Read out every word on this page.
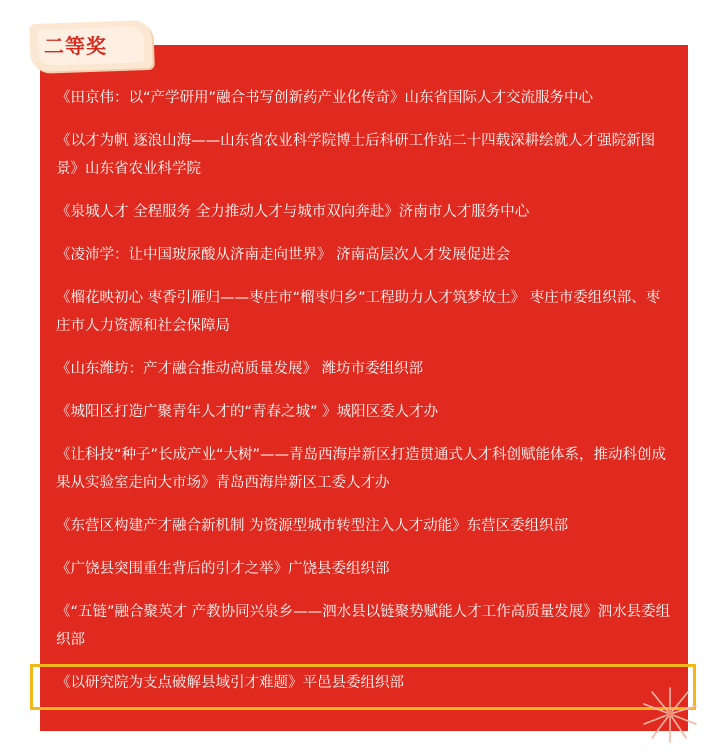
二等奖
《田京伟：以“产学研用”融合书写创新药产业化传奇》山东省国际人才交流服务中心
《以才为帆 逐浪山海——山东省农业科学院博士后科研工作站二十四载深耕绘就人才强院新图景》山东省农业科学院
《泉城人才 全程服务 全力推动人才与城市双向奔赴》济南市人才服务中心
《凌沛学：让中国玻尿酸从济南走向世界》 济南高层次人才发展促进会
《榴花映初心 枣香引雁归——枣庄市“榴枣归乡”工程助力人才筑梦故土》 枣庄市委组织部、枣庄市人力资源和社会保障局
《山东潍坊：产才融合推动高质量发展》 潍坊市委组织部
《城阳区打造广聚青年人才的“青春之城” 》城阳区委人才办
《让科技“种子”长成产业“大树”——青岛西海岸新区打造贯通式人才科创赋能体系，推动科创成果从实验室走向大市场》青岛西海岸新区工委人才办
《东营区构建产才融合新机制 为资源型城市转型注入人才动能》东营区委组织部
《广饶县突围重生背后的引才之举》广饶县委组织部
《“五链”融合聚英才 产教协同兴泉乡——泗水县以链聚势赋能人才工作高质量发展》泗水县委组织部
《以研究院为支点破解县域引才难题》平邑县委组织部
